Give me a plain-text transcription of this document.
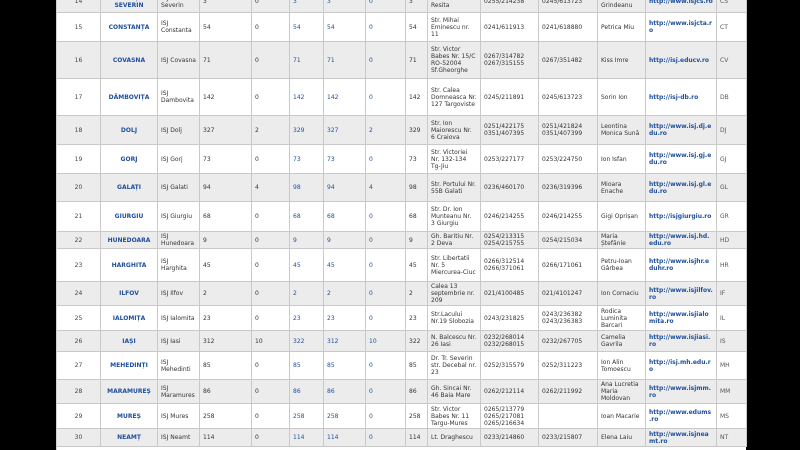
14	SEVERIN	Severin	3	0	3	3	0	3	Resita	0255/214238	0245/613723	Grindeanu	http://www.isjcs.ro	CS
15	CONSTANȚA	ISJ Constanta	54	0	54	54	0	54	Str. Mihai Eminescu nr. 11	0241/611913	0241/618880	Petrica Miu	http://www.isjcta.ro	CT
16	COVASNA	ISJ Covasna	71	0	71	71	0	71	Str. Victor Babes Nr. 15/C RO-52004 Sf.Gheorghe	0267/314782 0267/315155	0267/351482	Kiss Imre	http://isj.educv.ro	CV
17	DÂMBOVIȚA	ISJ Dambovita	142	0	142	142	0	142	Str. Calea Domneasca Nr. 127 Targoviste	0245/211891	0245/613723	Sorin Ion	http://isj-db.ro	DB
18	DOLJ	ISJ Dolj	327	2	329	327	2	329	Str. Ion Maiorescu Nr. 6 Craiova	0251/422175 0351/407395	0251/421824 0351/407399	Leontina Monica Sună	http://www.isj.dj.edu.ro	DJ
19	GORJ	ISJ Gorj	73	0	73	73	0	73	Str. Victoriei Nr. 132-134 Tg-Jiu	0253/227177	0253/224750	Ion Isfan	http://www.isj.gj.edu.ro	GJ
20	GALAȚI	ISJ Galati	94	4	98	94	4	98	Str. Portului Nr. 55B Galati	0236/460170	0236/319396	Mioara Enache	http://www.isj.gl.edu.ro	GL
21	GIURGIU	ISJ Giurgiu	68	0	68	68	0	68	Str. Dr. Ion Munteanu Nr. 3 Giurgiu	0246/214255	0246/214255	Gigi Oprișan	http://isjgiurgiu.ro	GR
22	HUNEDOARA	ISJ Hunedoara	9	0	9	9	0	9	Gh. Baritiu Nr. 2 Deva	0254/213315 0254/215755	0254/215034	Maria Ștefănie	http://www.isj.hd.edu.ro	HD
23	HARGHITA	ISJ Harghita	45	0	45	45	0	45	Str. Libertatii Nr. 5 Miercurea-Ciuc	0266/312514 0266/371061	0266/171061	Petru-Ioan Gârbea	http://www.isjhr.eduhr.ro	HR
24	ILFOV	ISJ Ilfov	2	0	2	2	0	2	Calea 13 septembrie nr. 209	021/4100485	021/4101247	Ion Cornaciu	http://www.isjilfov.ro	IF
25	IALOMIȚA	ISJ Ialomita	23	0	23	23	0	23	Str.Lacului Nr.19 Slobozia	0243/231825	0243/236382 0243/236383	Rodica Luminita Barcari	http://www.isjialomita.ro	IL
26	IAȘI	ISJ Iasi	312	10	322	312	10	322	N. Balcescu Nr. 26 Iasi	0232/268014 0232/268015	0232/267705	Camelia Gavrila	http://www.isjiasi.ro	IS
27	MEHEDINȚI	ISJ Mehedinti	85	0	85	85	0	85	Dr. Tr. Severin str. Decebal nr. 23	0252/315579	0252/311223	Ion Alin Tomoescu	http://isj.mh.edu.ro	MH
28	MARAMUREȘ	ISJ Maramures	86	0	86	86	0	86	Gh. Sincai Nr. 46 Baia Mare	0262/212114	0262/211992	Ana Lucretia Maria Moldovan	http://www.isjmm.ro	MM
29	MUREȘ	ISJ Mures	258	0	258	258	0	258	Str. Victor Babes Nr. 11 Targu-Mures	0265/213779 0265/217081 0265/216634		Ioan Macarie	http://www.edums.ro	MS
30	NEAMȚ	ISJ Neamt	114	0	114	114	0	114	Lt. Draghescu	0233/214860	0233/215807	Elena Laiu	http://www.isjneamt.ro	NT
